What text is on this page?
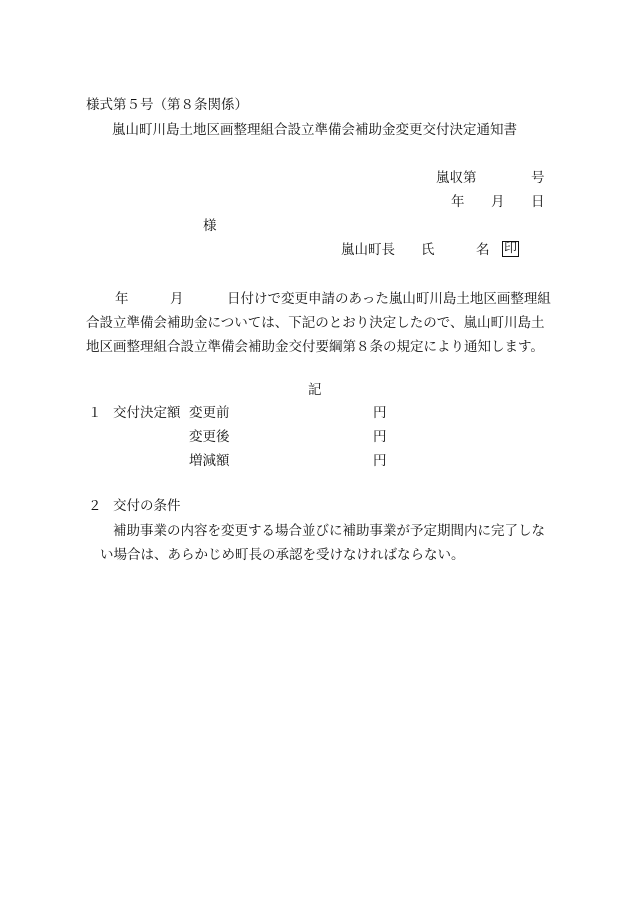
様式第５号（第８条関係）
嵐山町川島土地区画整理組合設立準備会補助金変更交付決定通知書
嵐収第	号
年 月 日
様
嵐山町長 氏	名 印
年	月	日付けで変更申請のあった嵐山町川島土地区画整理組
合設立準備会補助金については、下記のとおり決定したので、嵐山町川島土
地区画整理組合設立準備会補助金交付要綱第８条の規定により通知します。
記
１ 交付決定額 変更前	円
変更後	円
増減額	円
２ 交付の条件
補助事業の内容を変更する場合並びに補助事業が予定期間内に完了しな
い場合は、あらかじめ町長の承認を受けなければならない。
